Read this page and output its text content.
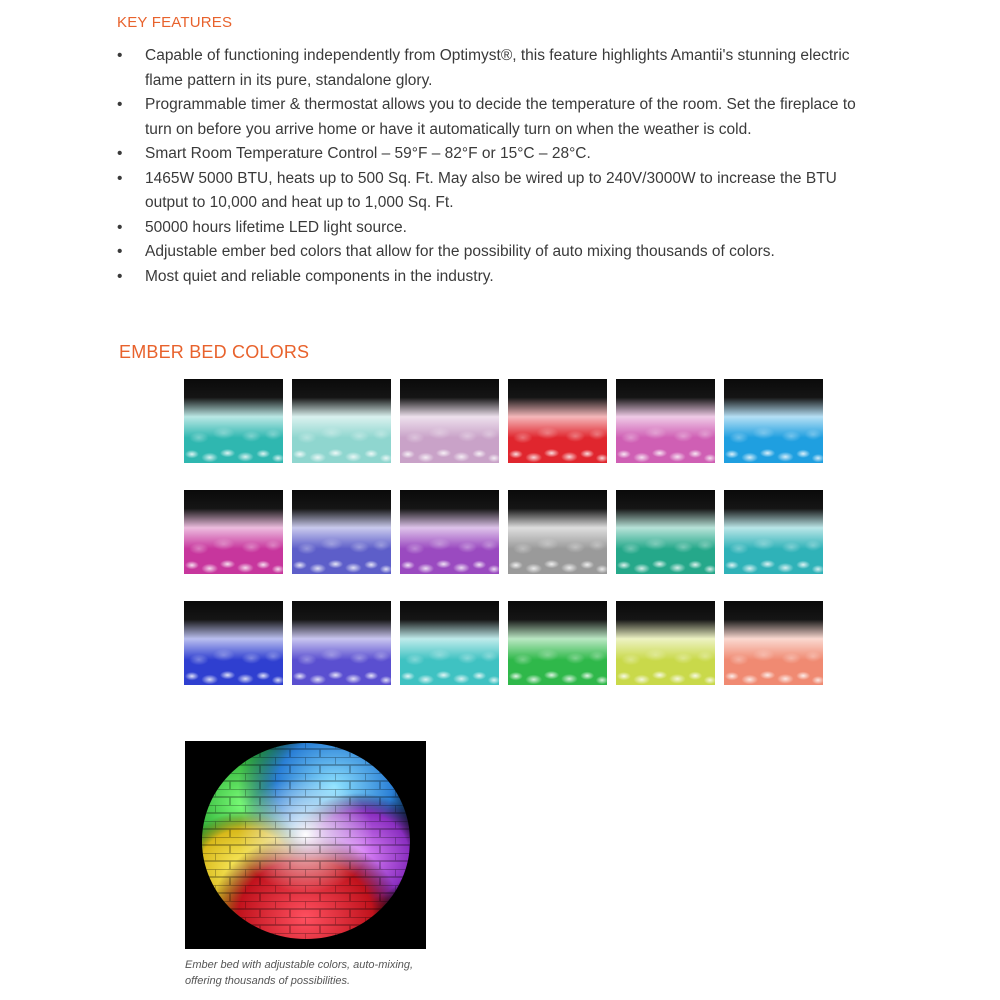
KEY FEATURES
• Capable of functioning independently from Optimyst®, this feature highlights Amantii's stunning electric flame pattern in its pure, standalone glory.
• Programmable timer & thermostat allows you to decide the temperature of the room. Set the fireplace to turn on before you arrive home or have it automatically turn on when the weather is cold.
• Smart Room Temperature Control – 59°F – 82°F or 15°C – 28°C.
• 1465W 5000 BTU, heats up to 500 Sq. Ft. May also be wired up to 240V/3000W to increase the BTU output to 10,000 and heat up to 1,000 Sq. Ft.
• 50000 hours lifetime LED light source.
• Adjustable ember bed colors that allow for the possibility of auto mixing thousands of colors.
• Most quiet and reliable components in the industry.
EMBER BED COLORS
Ember bed with adjustable colors, auto-mixing,
offering thousands of possibilities.
